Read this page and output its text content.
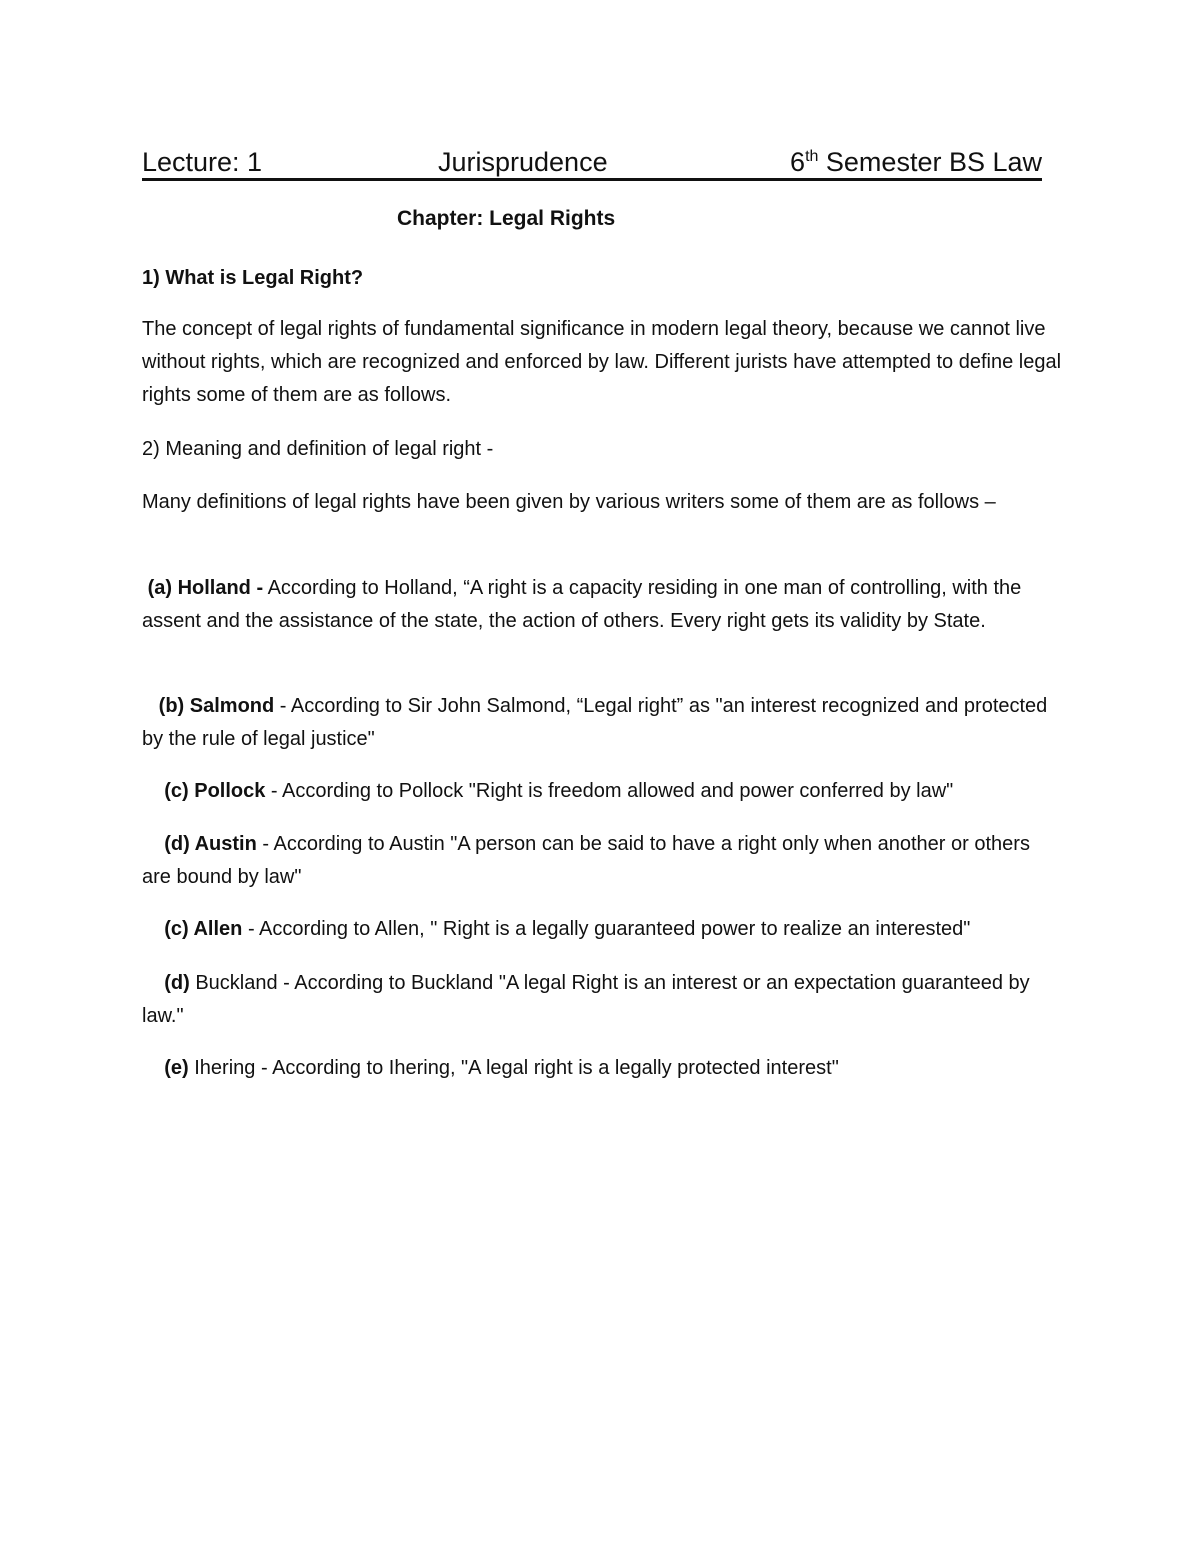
Lecture: 1	Jurisprudence	6th Semester BS Law
Chapter: Legal Rights

1) What is Legal Right?

The concept of legal rights of fundamental significance in modern legal theory, because we cannot live without rights, which are recognized and enforced by law. Different jurists have attempted to define legal rights some of them are as follows.

2) Meaning and definition of legal right -

Many definitions of legal rights have been given by various writers some of them are as follows –

(a) Holland - According to Holland, “A right is a capacity residing in one man of controlling, with the assent and the assistance of the state, the action of others. Every right gets its validity by State.

(b) Salmond - According to Sir John Salmond, “Legal right” as "an interest recognized and protected by the rule of legal justice"

(c) Pollock - According to Pollock "Right is freedom allowed and power conferred by law"

(d) Austin - According to Austin "A person can be said to have a right only when another or others are bound by law"

(c) Allen - According to Allen, " Right is a legally guaranteed power to realize an interested"

(d) Buckland - According to Buckland "A legal Right is an interest or an expectation guaranteed by law."

(e) Ihering - According to Ihering, "A legal right is a legally protected interest"
